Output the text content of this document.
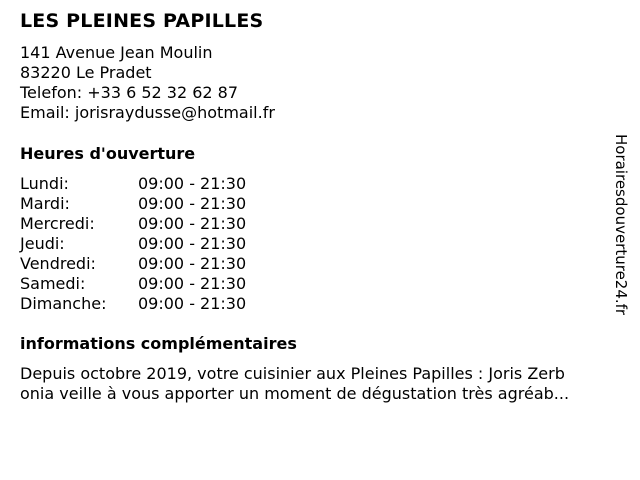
LES PLEINES PAPILLES
141 Avenue Jean Moulin
83220 Le Pradet
Telefon: +33 6 52 32 62 87
Email: jorisraydusse@hotmail.fr
Heures d'ouverture
Lundi:	09:00 - 21:30
Mardi:	09:00 - 21:30
Mercredi:	09:00 - 21:30
Jeudi:	09:00 - 21:30
Vendredi:	09:00 - 21:30
Samedi:	09:00 - 21:30
Dimanche: 09:00 - 21:30
informations complémentaires
Depuis octobre 2019, votre cuisinier aux Pleines Papilles : Joris Zerb
onia veille à vous apporter un moment de dégustation très agréab...
Horairesdouverture24.fr
